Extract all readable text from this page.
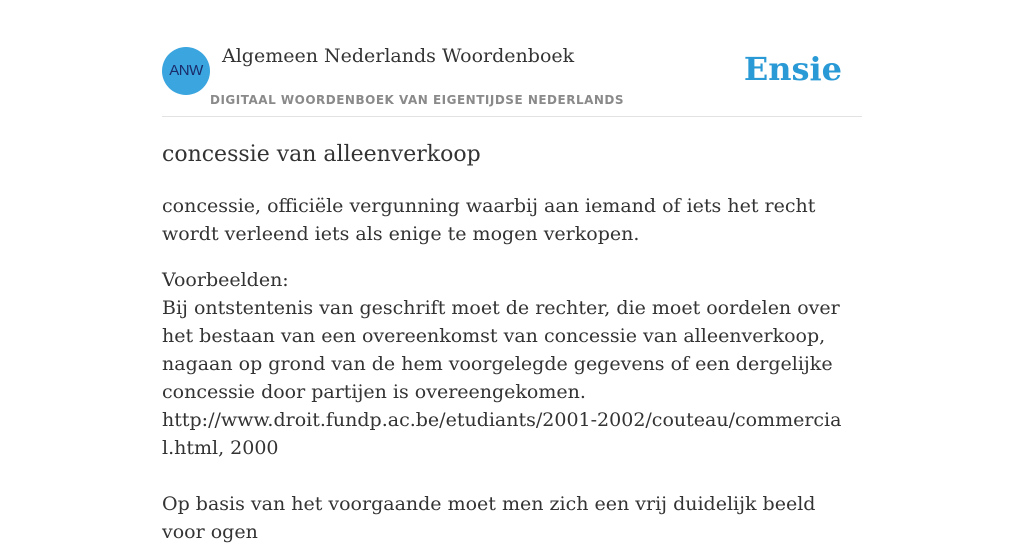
ANW
Algemeen Nederlands Woordenboek
DIGITAAL WOORDENBOEK VAN EIGENTIJDSE NEDERLANDS
Ensie
concessie van alleenverkoop

concessie, officiële vergunning waarbij aan iemand of iets het recht wordt verleend iets als enige te mogen verkopen.

Voorbeelden:
Bij ontstentenis van geschrift moet de rechter, die moet oordelen over het bestaan van een overeenkomst van concessie van alleenverkoop, nagaan op grond van de hem voorgelegde gegevens of een dergelijke concessie door partijen is overeengekomen.
http://www.droit.fundp.ac.be/etudiants/2001-2002/couteau/commercial.html, 2000
Op basis van het voorgaande moet men zich een vrij duidelijk beeld voor ogen
